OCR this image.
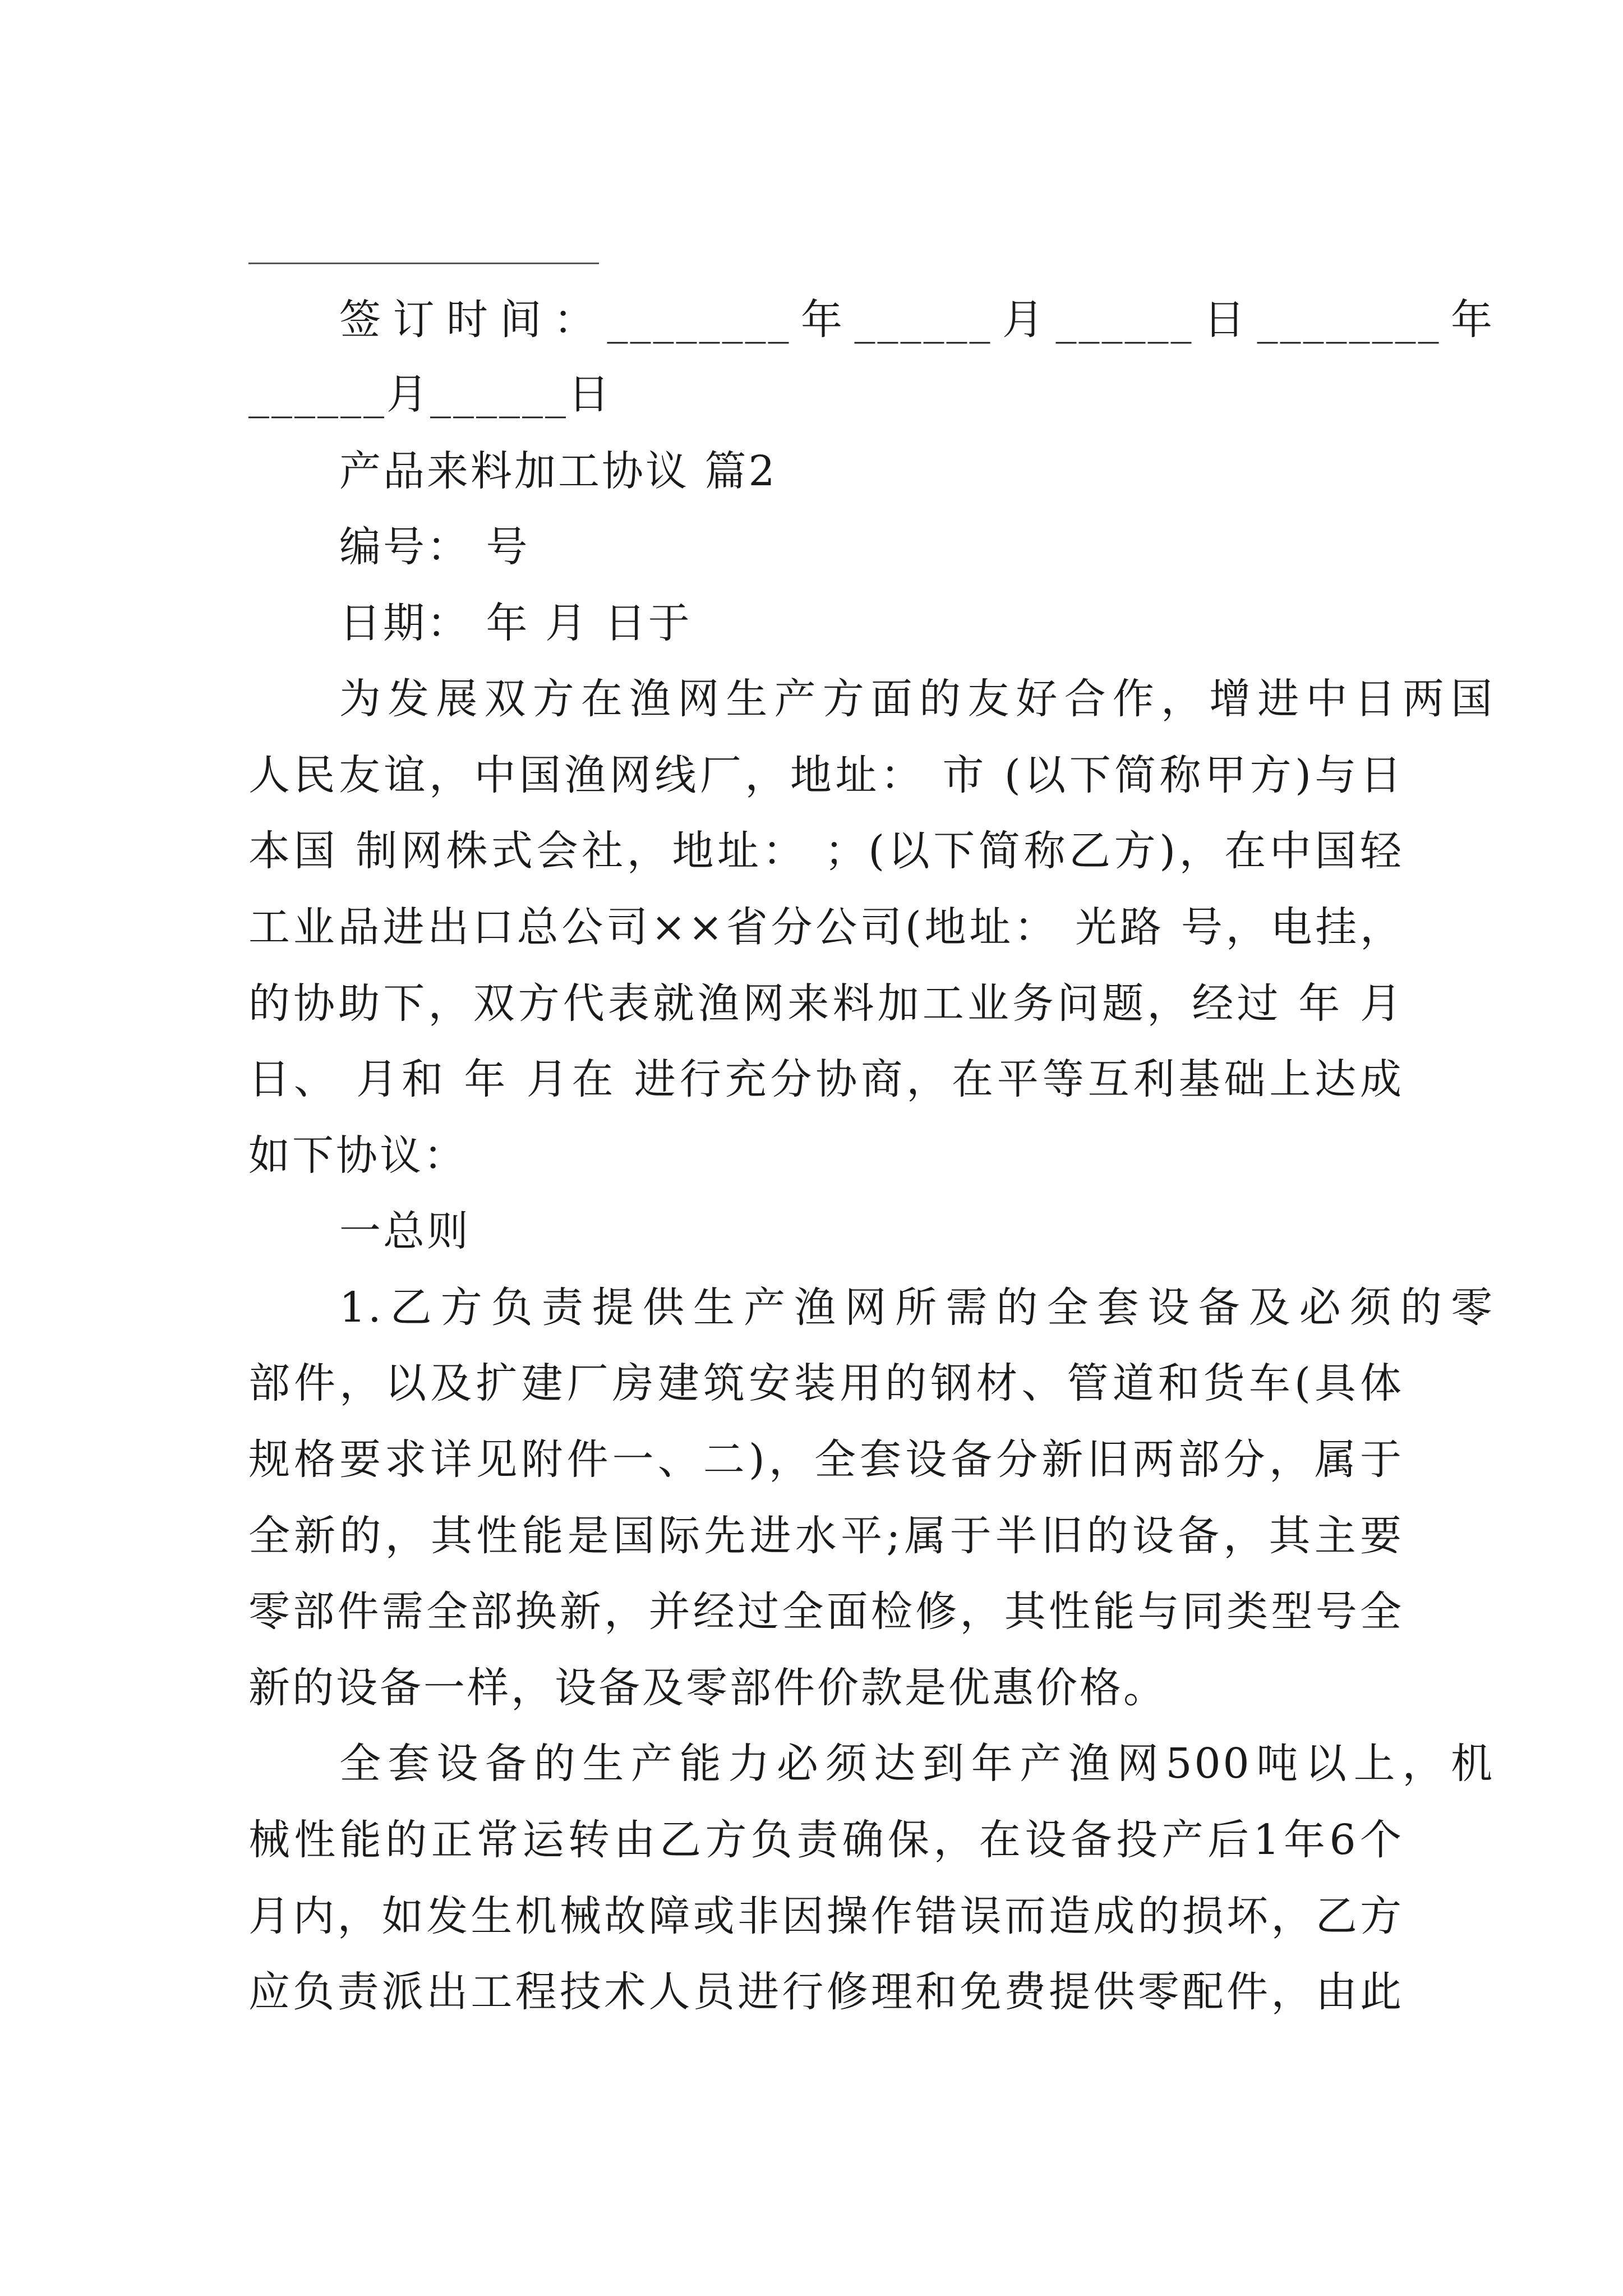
签订时间：________年______月______日________年
______月______日
产品来料加工协议 篇2
编号： 号
日期： 年 月 日于
为发展双方在渔网生产方面的友好合作，增进中日两国
人民友谊，中国渔网线厂，地址： 市 (以下简称甲方)与日
本国 制网株式会社，地址： ；(以下简称乙方)，在中国轻
工业品进出口总公司××省分公司(地址： 光路 号，电挂，
的协助下，双方代表就渔网来料加工业务问题，经过 年 月
日、 月和 年 月在 进行充分协商，在平等互利基础上达成
如下协议：
一总则
1.乙方负责提供生产渔网所需的全套设备及必须的零
部件，以及扩建厂房建筑安装用的钢材、管道和货车(具体
规格要求详见附件一、二)，全套设备分新旧两部分，属于
全新的，其性能是国际先进水平;属于半旧的设备，其主要
零部件需全部换新，并经过全面检修，其性能与同类型号全
新的设备一样，设备及零部件价款是优惠价格。
全套设备的生产能力必须达到年产渔网500吨以上，机
械性能的正常运转由乙方负责确保，在设备投产后1年6个
月内，如发生机械故障或非因操作错误而造成的损坏，乙方
应负责派出工程技术人员进行修理和免费提供零配件，由此
